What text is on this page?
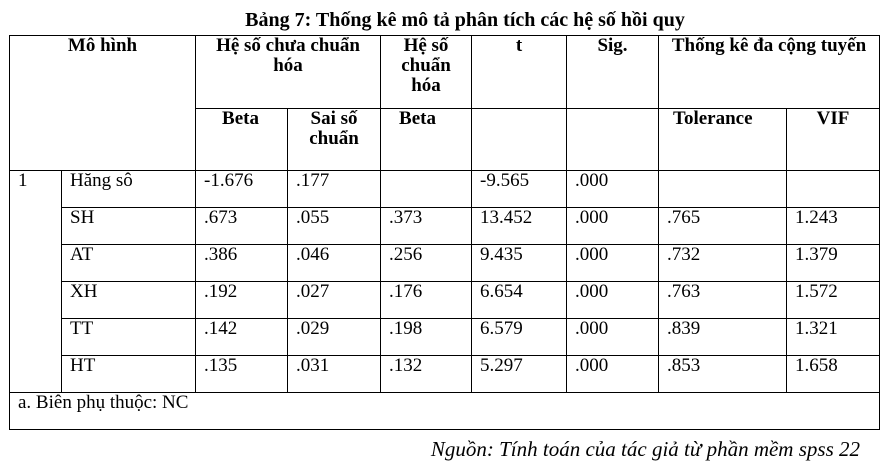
Bảng 7: Thống kê mô tả phân tích các hệ số hồi quy
Mô hình		Hệ số chưa chuẩn hóa		Hệ số chuẩn hóa	t	Sig.	Thống kê đa cộng tuyến	
		Beta	Sai số chuẩn	Beta			Tolerance	VIF
1	Hăng sô	-1.676	.177		-9.565	.000		
	SH	.673	.055	.373	13.452	.000	.765	1.243
	AT	.386	.046	.256	9.435	.000	.732	1.379
	XH	.192	.027	.176	6.654	.000	.763	1.572
	TT	.142	.029	.198	6.579	.000	.839	1.321
	HT	.135	.031	.132	5.297	.000	.853	1.658
a. Biên phụ thuộc: NC								
Nguồn: Tính toán của tác giả từ phần mềm spss 22
